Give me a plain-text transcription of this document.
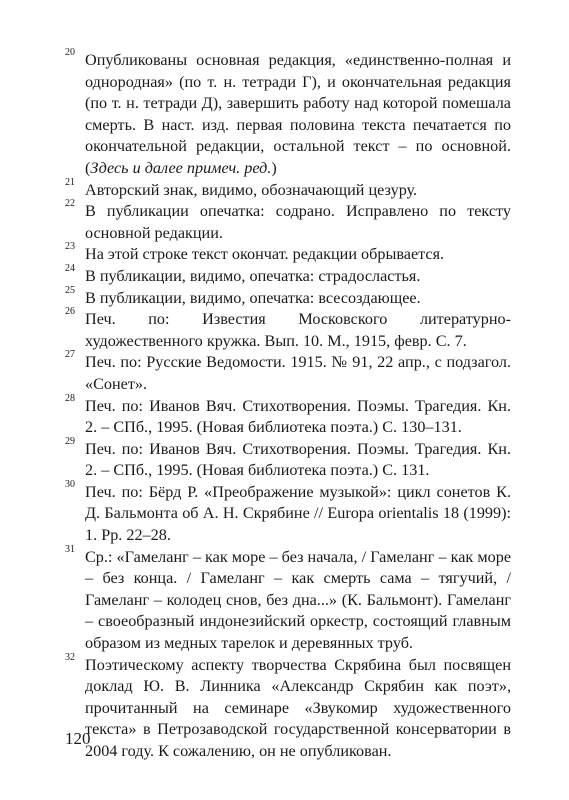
20 Опубликованы основная редакция, «единственно-полная и однородная» (по т. н. тетради Г), и окончательная редакция (по т. н. тетради Д), завершить работу над которой помешала смерть. В наст. изд. первая половина текста печатается по окончательной редакции, остальной текст – по основной. (Здесь и далее примеч. ред.)

21 Авторский знак, видимо, обозначающий цезуру.

22 В публикации опечатка: содрано. Исправлено по тексту основной редакции.

23 На этой строке текст окончат. редакции обрывается.

24 В публикации, видимо, опечатка: страдосластья.

25 В публикации, видимо, опечатка: всесоздающее.

26 Печ. по: Известия Московского литературно-художественного кружка. Вып. 10. М., 1915, февр. С. 7.

27 Печ. по: Русские Ведомости. 1915. № 91, 22 апр., с подзагол. «Сонет».

28 Печ. по: Иванов Вяч. Стихотворения. Поэмы. Трагедия. Кн. 2. – СПб., 1995. (Новая библиотека поэта.) С. 130–131.

29 Печ. по: Иванов Вяч. Стихотворения. Поэмы. Трагедия. Кн. 2. – СПб., 1995. (Новая библиотека поэта.) С. 131.

30 Печ. по: Бёрд Р. «Преображение музыкой»: цикл сонетов К. Д. Бальмонта об А. Н. Скрябине // Europa orientalis 18 (1999): 1. Pp. 22–28.

31 Ср.: «Гамеланг – как море – без начала, / Гамеланг – как море – без конца. / Гамеланг – как смерть сама – тягучий, / Гамеланг – колодец снов, без дна...» (К. Бальмонт). Гамеланг – своеобразный индонезийский оркестр, состоящий главным образом из медных тарелок и деревянных труб.

32 Поэтическому аспекту творчества Скрябина был посвящен доклад Ю. В. Линника «Александр Скрябин как поэт», прочитанный на семинаре «Звукомир художественного текста» в Петрозаводской государственной консерватории в 2004 году. К сожалению, он не опубликован.

120
